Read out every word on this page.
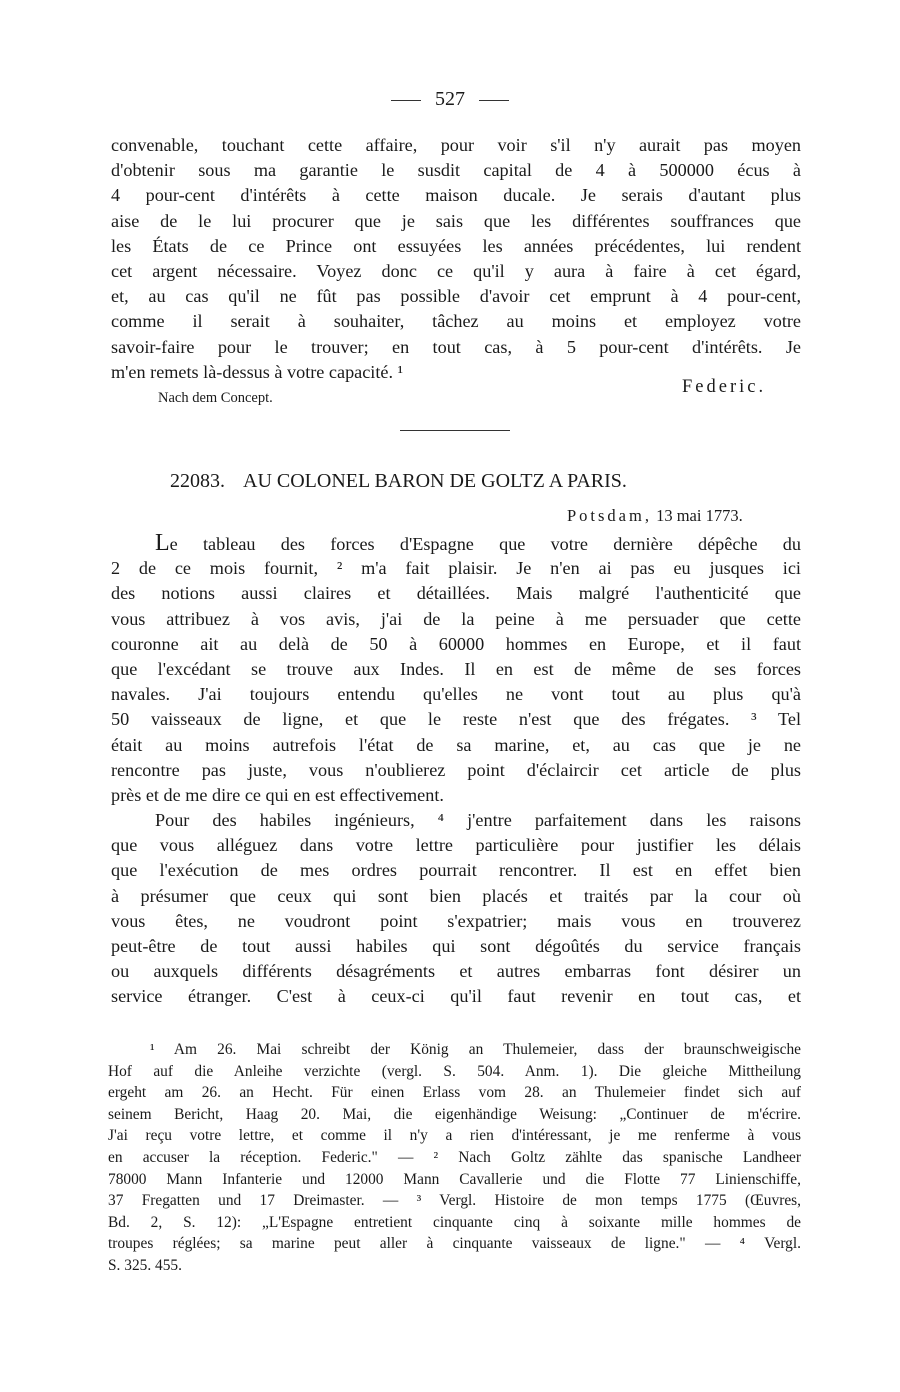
527
convenable, touchant cette affaire, pour voir s'il n'y aurait pas moyen
d'obtenir sous ma garantie le susdit capital de 4 à 500000 écus à
4 pour-cent d'intérêts à cette maison ducale. Je serais d'autant plus
aise de le lui procurer que je sais que les différentes souffrances que
les États de ce Prince ont essuyées les années précédentes, lui rendent
cet argent nécessaire. Voyez donc ce qu'il y aura à faire à cet égard,
et, au cas qu'il ne fût pas possible d'avoir cet emprunt à 4 pour-cent,
comme il serait à souhaiter, tâchez au moins et employez votre
savoir-faire pour le trouver; en tout cas, à 5 pour-cent d'intérêts. Je
m'en remets là-dessus à votre capacité. ¹
Federic.
Nach dem Concept.
22083. AU COLONEL BARON DE GOLTZ A PARIS.
Potsdam, 13 mai 1773.
Le tableau des forces d'Espagne que votre dernière dépêche du
2 de ce mois fournit, ² m'a fait plaisir. Je n'en ai pas eu jusques ici
des notions aussi claires et détaillées. Mais malgré l'authenticité que
vous attribuez à vos avis, j'ai de la peine à me persuader que cette
couronne ait au delà de 50 à 60000 hommes en Europe, et il faut
que l'excédant se trouve aux Indes. Il en est de même de ses forces
navales. J'ai toujours entendu qu'elles ne vont tout au plus qu'à
50 vaisseaux de ligne, et que le reste n'est que des frégates. ³ Tel
était au moins autrefois l'état de sa marine, et, au cas que je ne
rencontre pas juste, vous n'oublierez point d'éclaircir cet article de plus
près et de me dire ce qui en est effectivement.
Pour des habiles ingénieurs, ⁴ j'entre parfaitement dans les raisons
que vous alléguez dans votre lettre particulière pour justifier les délais
que l'exécution de mes ordres pourrait rencontrer. Il est en effet bien
à présumer que ceux qui sont bien placés et traités par la cour où
vous êtes, ne voudront point s'expatrier; mais vous en trouverez
peut-être de tout aussi habiles qui sont dégoûtés du service français
ou auxquels différents désagréments et autres embarras font désirer un
service étranger. C'est à ceux-ci qu'il faut revenir en tout cas, et
¹ Am 26. Mai schreibt der König an Thulemeier, dass der braunschweigische
Hof auf die Anleihe verzichte (vergl. S. 504. Anm. 1). Die gleiche Mittheilung
ergeht am 26. an Hecht. Für einen Erlass vom 28. an Thulemeier findet sich auf
seinem Bericht, Haag 20. Mai, die eigenhändige Weisung: „Continuer de m'écrire.
J'ai reçu votre lettre, et comme il n'y a rien d'intéressant, je me renferme à vous
en accuser la réception. Federic." — ² Nach Goltz zählte das spanische Landheer
78000 Mann Infanterie und 12000 Mann Cavallerie und die Flotte 77 Linienschiffe,
37 Fregatten und 17 Dreimaster. — ³ Vergl. Histoire de mon temps 1775 (Œuvres,
Bd. 2, S. 12): „L'Espagne entretient cinquante cinq à soixante mille hommes de
troupes réglées; sa marine peut aller à cinquante vaisseaux de ligne." — ⁴ Vergl.
S. 325. 455.
